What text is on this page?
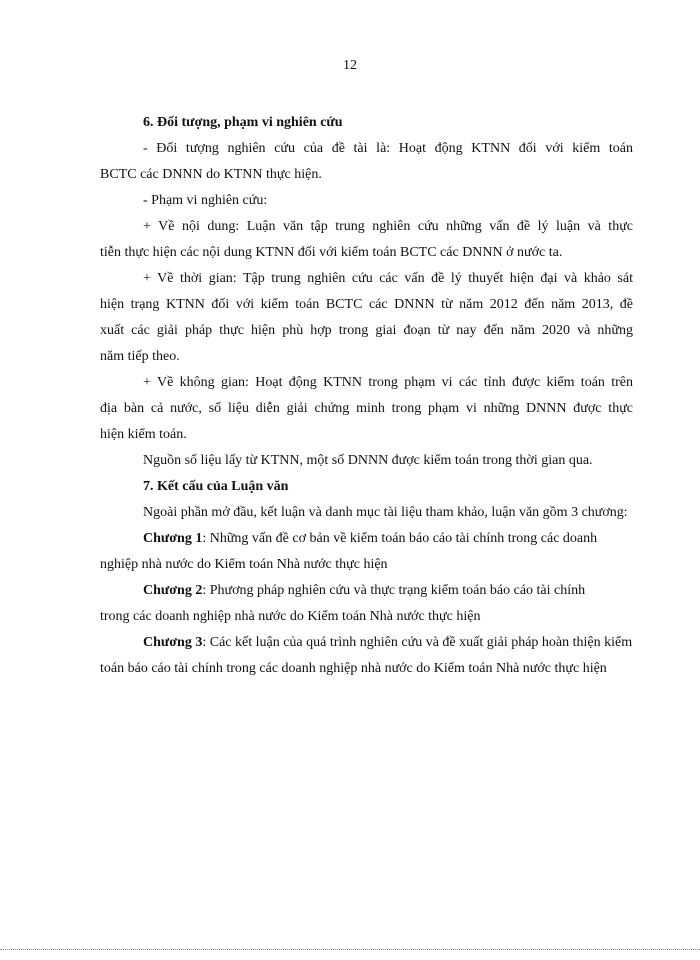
12

6. Đối tượng, phạm vi nghiên cứu

- Đối tượng nghiên cứu của đề tài là: Hoạt động KTNN đối với kiểm toán

BCTC các DNNN do KTNN thực hiện.

- Phạm vi nghiên cứu:

+ Về nội dung: Luận văn tập trung nghiên cứu những vấn đề lý luận và thực

tiễn thực hiện các nội dung KTNN đối với kiểm toán BCTC các DNNN ở nước ta.

+ Về thời gian: Tập trung nghiên cứu các vấn đề lý thuyết hiện đại và khảo sát

hiện trạng KTNN đối với kiểm toán BCTC các DNNN từ năm 2012 đến năm 2013, đề

xuất các giải pháp thực hiện phù hợp trong giai đoạn từ nay đến năm 2020 và những

năm tiếp theo.

+ Về không gian: Hoạt động KTNN trong phạm vi các tỉnh được kiểm toán trên

địa bàn cả nước, số liệu diễn giải chứng minh trong phạm vi những DNNN được thực

hiện kiểm toán.

Nguồn số liệu lấy từ KTNN, một số DNNN được kiểm toán trong thời gian qua.

7. Kết cấu của Luận văn

Ngoài phần mở đầu, kết luận và danh mục tài liệu tham khảo, luận văn gồm 3 chương:

Chương 1: Những vấn đề cơ bản về kiểm toán báo cáo tài chính trong các doanh

nghiệp nhà nước do Kiểm toán Nhà nước thực hiện

Chương 2: Phương pháp nghiên cứu và thực trạng kiểm toán báo cáo tài chính

trong các doanh nghiệp nhà nước do Kiểm toán Nhà nước thực hiện

Chương 3: Các kết luận của quá trình nghiên cứu và đề xuất giải pháp hoàn thiện kiểm

toán báo cáo tài chính trong các doanh nghiệp nhà nước do Kiểm toán Nhà nước thực hiện
